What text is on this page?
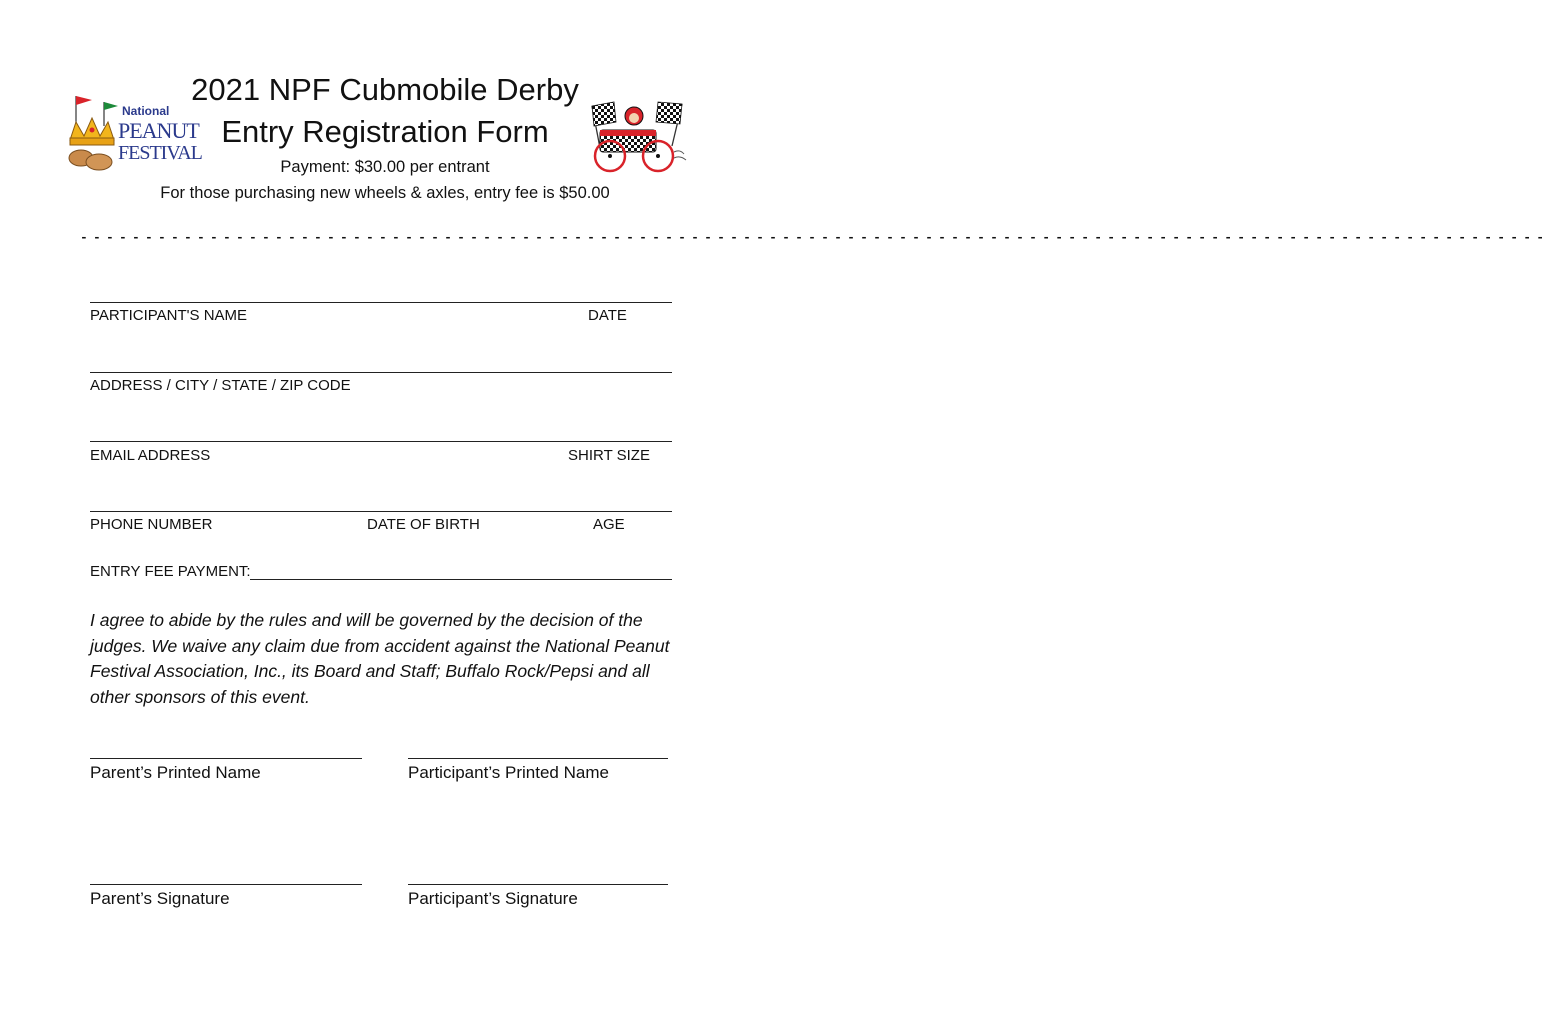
National
PEANUT
FESTIVAL
2021 NPF Cubmobile Derby
Entry Registration Form
Payment: $30.00 per entrant
For those purchasing new wheels & axles, entry fee is $50.00
- - - - - - - - - - - - - - - - - - - - - - - - - - - - - - - - - - - - - - - - - - - - - - - - - - - - - - - - - - - - - - - - - - - - - - - - - - - - - - - - - - - - - - - - - - - - - - - - - - - - - - - - - - - - - - - - -
PARTICIPANT'S NAME	DATE
ADDRESS / CITY / STATE / ZIP CODE
EMAIL ADDRESS	SHIRT SIZE
PHONE NUMBER	DATE OF BIRTH	AGE
ENTRY FEE PAYMENT:
I agree to abide by the rules and will be governed by the decision of the judges. We waive any claim due from accident against the National Peanut Festival Association, Inc., its Board and Staff; Buffalo Rock/Pepsi and all other sponsors of this event.
Parent’s Printed Name	Participant’s Printed Name
Parent’s Signature	Participant’s Signature
